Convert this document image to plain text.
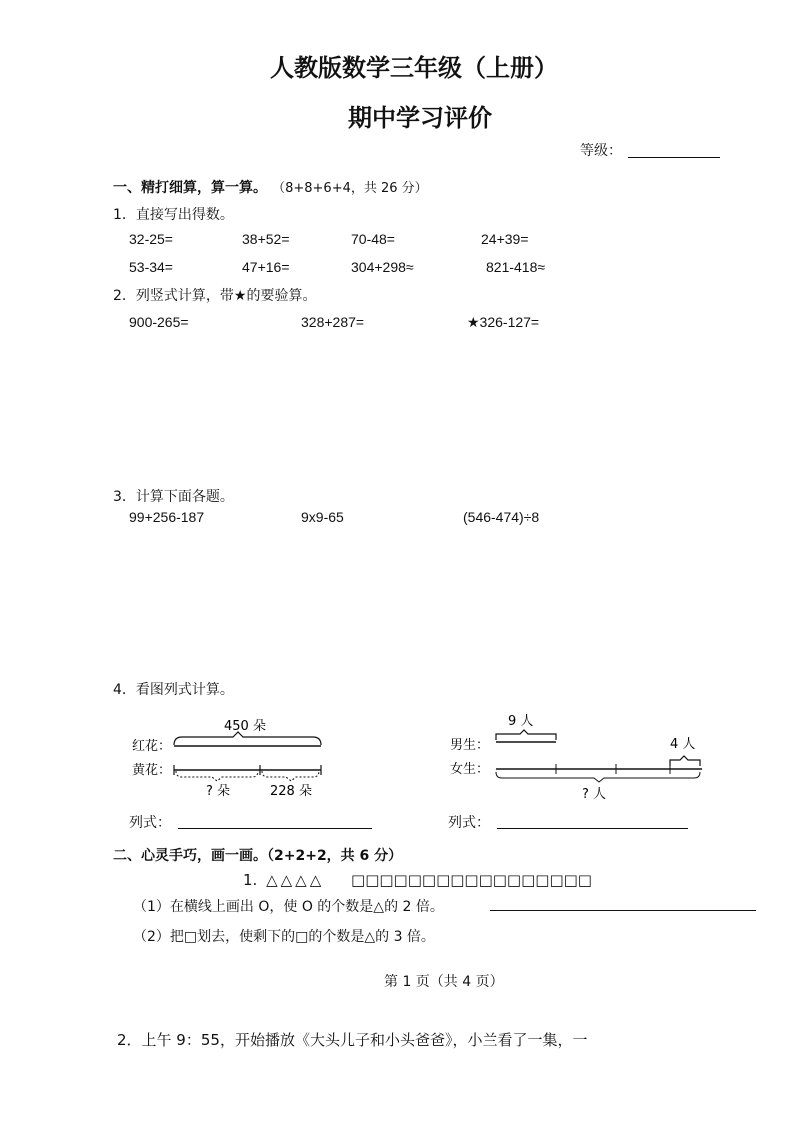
人教版数学三年级（上册）
期中学习评价
等级：
一、精打细算，算一算。 （8+8+6+4，共 26 分）
1．直接写出得数。
32-25=	38+52=	70-48=	24+39=
53-34=	47+16=	304+298≈	821-418≈
2．列竖式计算，带★的要验算。
900-265=	328+287=	★326-127=
3．计算下面各题。
99+256-187	9x9-65	(546-474)÷8
4．看图列式计算。
450 朵
红花：
黄花：
? 朵	228 朵
列式：
9 人
男生：
女生：
4 人
? 人
列式：
二、心灵手巧，画一画。（2+2+2，共 6 分）
1. △△△△ □□□□□□□□□□□□□□□□□
（1）在横线上画出 O，使 O 的个数是△的 2 倍。
（2）把□划去，使剩下的□的个数是△的 3 倍。
第 1 页（共 4 页）
2．上午 9：55，开始播放《大头儿子和小头爸爸》，小兰看了一集，一
